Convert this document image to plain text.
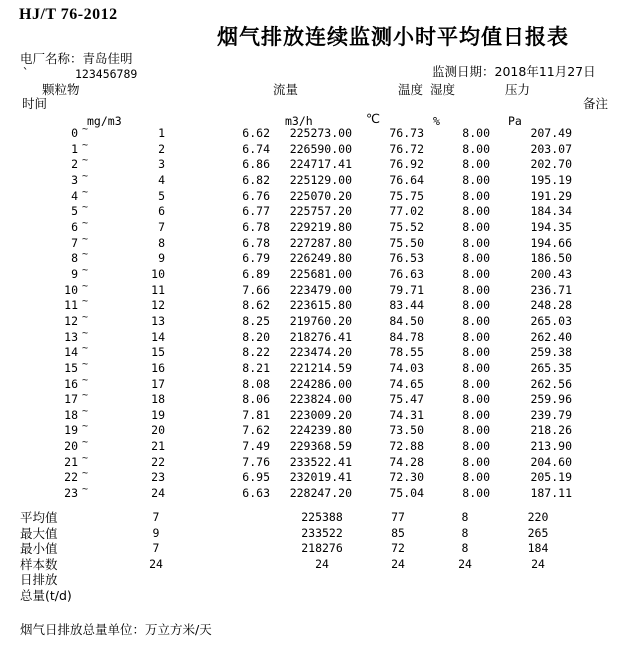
HJ/T 76-2012
烟气排放连续监测小时平均值日报表
电厂名称：青岛佳明
`	123456789	监测日期：2018年11月27日
颗粒物	流量	温度 湿度	压力
时间	备注
mg/m3	m3/h	℃	%	Pa
0 ~	1	6.62	225273.00	76.73	8.00	207.49
1 ~	2	6.74	226590.00	76.72	8.00	203.07
2 ~	3	6.86	224717.41	76.92	8.00	202.70
3 ~	4	6.82	225129.00	76.64	8.00	195.19
4 ~	5	6.76	225070.20	75.75	8.00	191.29
5 ~	6	6.77	225757.20	77.02	8.00	184.34
6 ~	7	6.78	229219.80	75.52	8.00	194.35
7 ~	8	6.78	227287.80	75.50	8.00	194.66
8 ~	9	6.79	226249.80	76.53	8.00	186.50
9 ~	10	6.89	225681.00	76.63	8.00	200.43
10 ~	11	7.66	223479.00	79.71	8.00	236.71
11 ~	12	8.62	223615.80	83.44	8.00	248.28
12 ~	13	8.25	219760.20	84.50	8.00	265.03
13 ~	14	8.20	218276.41	84.78	8.00	262.40
14 ~	15	8.22	223474.20	78.55	8.00	259.38
15 ~	16	8.21	221214.59	74.03	8.00	265.35
16 ~	17	8.08	224286.00	74.65	8.00	262.56
17 ~	18	8.06	223824.00	75.47	8.00	259.96
18 ~	19	7.81	223009.20	74.31	8.00	239.79
19 ~	20	7.62	224239.80	73.50	8.00	218.26
20 ~	21	7.49	229368.59	72.88	8.00	213.90
21 ~	22	7.76	233522.41	74.28	8.00	204.60
22 ~	23	6.95	232019.41	72.30	8.00	205.19
23 ~	24	6.63	228247.20	75.04	8.00	187.11
平均值	7	225388	77	8	220
最大值	9	233522	85	8	265
最小值	7	218276	72	8	184
样本数	24	24	24	24	24
日排放
总量(t/d)
烟气日排放总量单位：万立方米/天
